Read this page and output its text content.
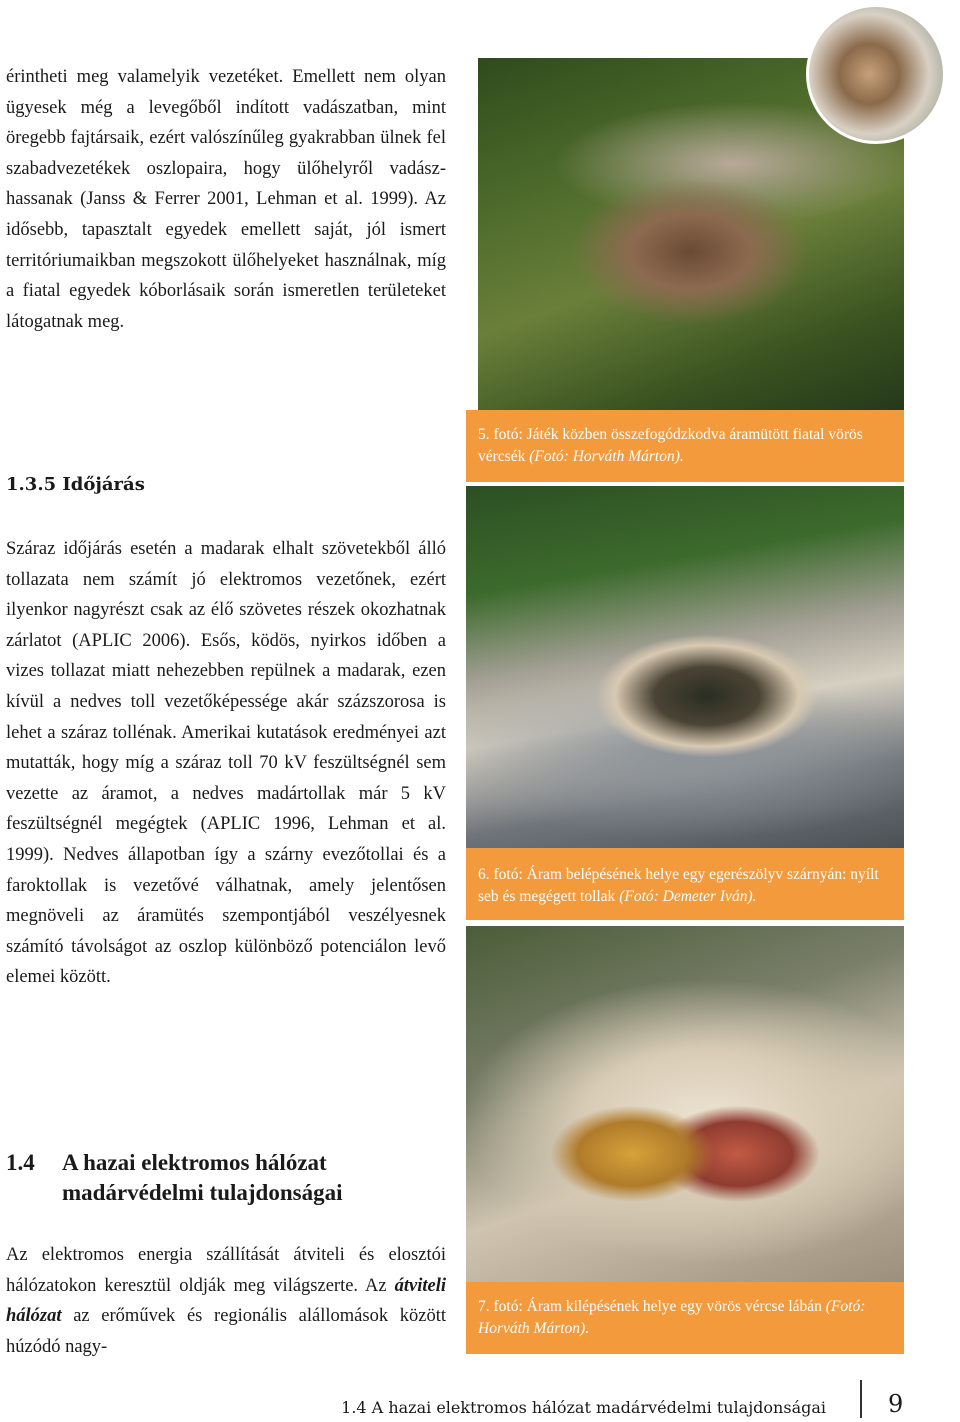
érintheti meg valamelyik vezetéket. Emellett nem olyan ügyesek még a levegőből indított vadászatban, mint öregebb fajtársaik, ezért valószínűleg gyakrabban ülnek fel szabadvezetékek oszlopaira, hogy ülőhelyről vadászhassanak (Janss & Ferrer 2001, Lehman et al. 1999). Az idősebb, tapasztalt egyedek emellett saját, jól ismert territóriumaikban megszokott ülőhelyeket használnak, míg a fiatal egyedek kóborlásaik során ismeretlen területeket látogatnak meg.

1.3.5 Időjárás

Száraz időjárás esetén a madarak elhalt szövetekből álló tollazata nem számít jó elektromos vezetőnek, ezért ilyenkor nagyrészt csak az élő szövetes részek okozhatnak zárlatot (APLIC 2006). Esős, ködös, nyirkos időben a vizes tollazat miatt nehezebben repülnek a madarak, ezen kívül a nedves toll vezetőképessége akár százszorosa is lehet a száraz tollénak. Amerikai kutatások eredményei azt mutatták, hogy míg a száraz toll 70 kV feszültségnél sem vezette az áramot, a nedves madártollak már 5 kV feszültségnél megégtek (APLIC 1996, Lehman et al. 1999). Nedves állapotban így a szárny evezőtollai és a faroktollak is vezetővé válhatnak, amely jelentősen megnöveli az áramütés szempontjából veszélyesnek számító távolságot az oszlop különböző potenciálon levő elemei között.

1.4	A hazai elektromos hálózat madárvédelmi tulajdonságai

Az elektromos energia szállítását átviteli és elosztói hálózatokon keresztül oldják meg világszerte. Az átviteli hálózat az erőművek és regionális alállomások között húzódó nagy-

5. fotó: Játék közben összefogódzkodva áramütött fiatal vörös vércsék (Fotó: Horváth Márton).
6. fotó: Áram belépésének helye egy egerészölyv szárnyán: nyílt seb és megégett tollak (Fotó: Demeter Iván).
7. fotó: Áram kilépésének helye egy vörös vércse lábán (Fotó: Horváth Márton).
1.4 A hazai elektromos hálózat madárvédelmi tulajdonságai	9
